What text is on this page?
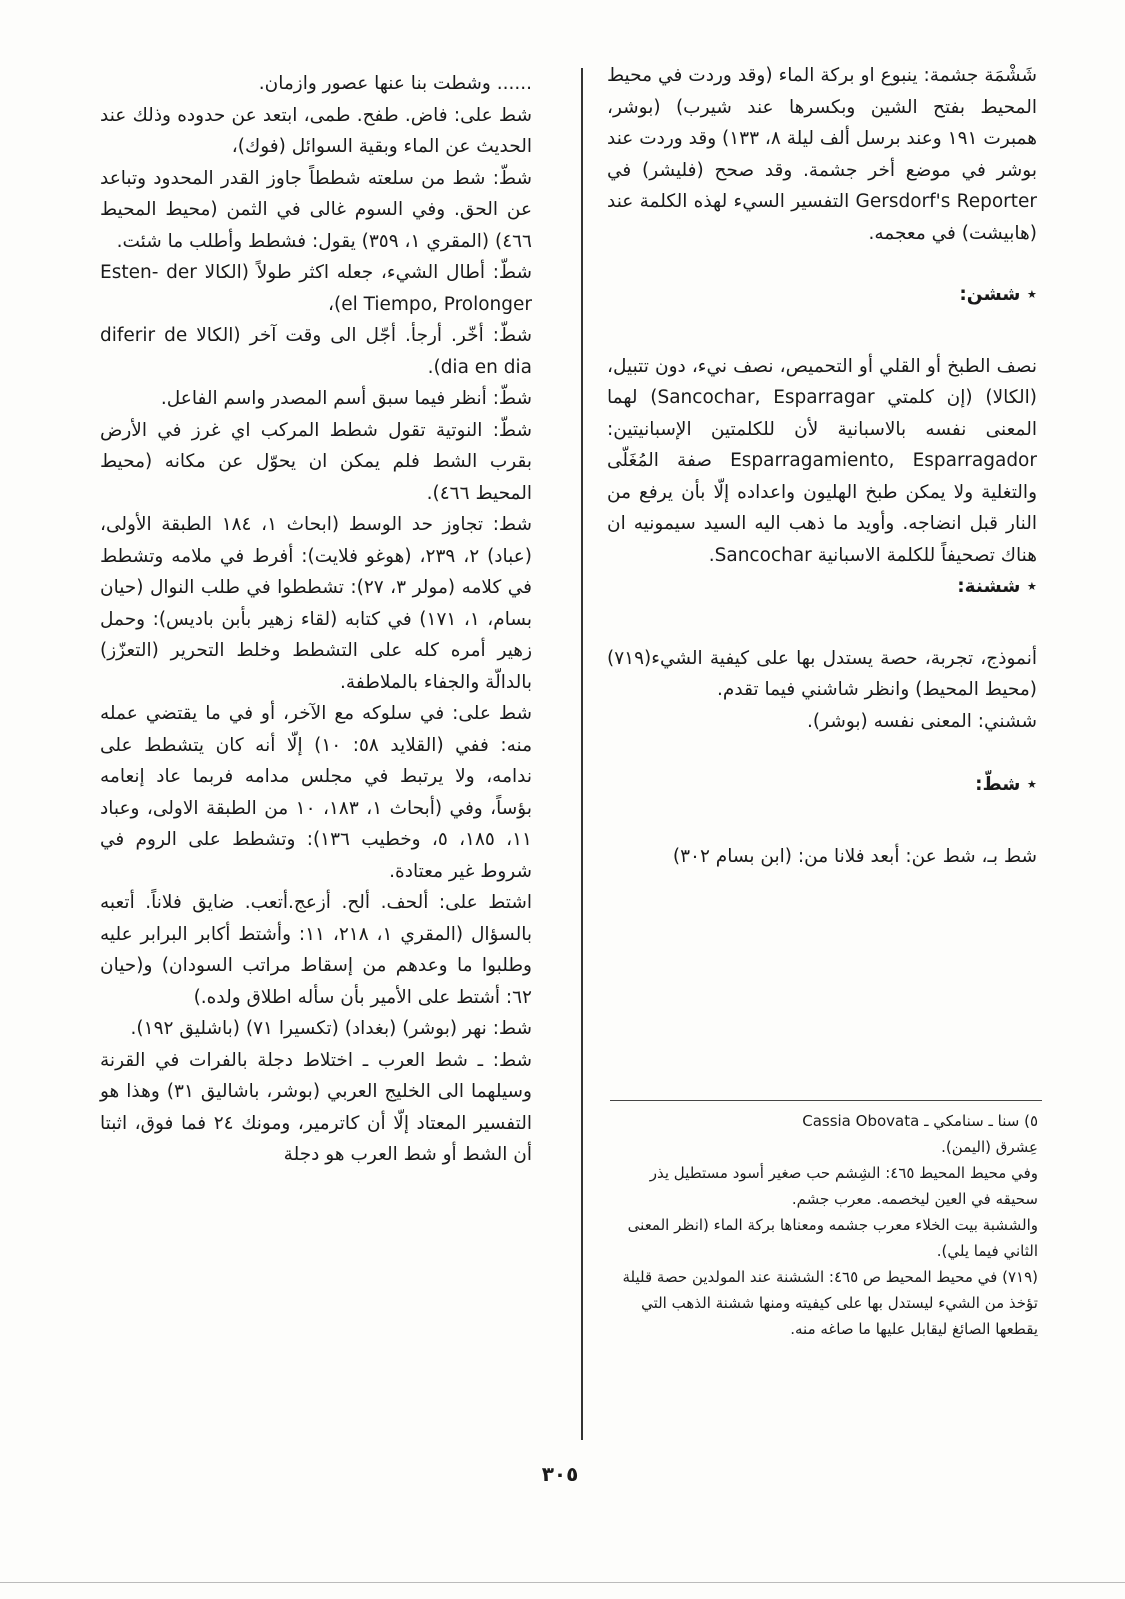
شَشْمَة جشمة: ينبوع او بركة الماء (وقد وردت في محيط المحيط بفتح الشين وبكسرها عند شيرب) (بوشر، همبرت ١٩١ وعند برسل ألف ليلة ٨، ١٣٣) وقد وردت عند بوشر في موضع أخر جشمة. وقد صحح (فليشر) في Gersdorf's Reporter التفسير السيء لهذه الكلمة عند (هابيشت) في معجمه.

٭ ششن:

نصف الطبخ أو القلي أو التحميص، نصف نيء، دون تتبيل، (الكالا) (إن كلمتي Sancochar, Esparragar) لهما المعنى نفسه بالاسبانية لأن للكلمتين الإسبانيتين: Esparragamiento, Esparragador صفة المُغَلّى والتغلية ولا يمكن طبخ الهليون واعداده إلّا بأن يرفع من النار قبل انضاجه. وأويد ما ذهب اليه السيد سيمونيه ان هناك تصحيفاً للكلمة الاسبانية Sancochar.

٭ ششنة:

أنموذج، تجربة، حصة يستدل بها على كيفية الشيء(٧١٩) (محيط المحيط) وانظر شاشني فيما تقدم.

ششني: المعنى نفسه (بوشر).

٭ شطّ:

شط بـ، شط عن: أبعد فلانا من: (ابن بسام ٣٠٢)

٥) سنا ـ سنامكي ـ Cassia Obovata

عِشرق (اليمن).

وفي محيط المحيط ٤٦٥: الشِشم حب صغير أسود مستطيل يذر سحيقه في العين ليخصمه. معرب جشم.

والششبة بيت الخلاء معرب جشمه ومعناها بركة الماء (انظر المعنى الثاني فيما يلي).

(٧١٩) في محيط المحيط ص ٤٦٥: الششنة عند المولدين حصة قليلة تؤخذ من الشيء ليستدل بها على كيفيته ومنها ششنة الذهب التي يقطعها الصائغ ليقابل عليها ما صاغه منه.

...... وشطت بنا عنها عصور وازمان.

شط على: فاض. طفح. طمى، ابتعد عن حدوده وذلك عند الحديث عن الماء وبقية السوائل (فوك)،

شطّ: شط من سلعته شططاً جاوز القدر المحدود وتباعد عن الحق. وفي السوم غالى في الثمن (محيط المحيط ٤٦٦) (المقري ١، ٣٥٩) يقول: فشطط وأطلب ما شئت.

شطّ: أطال الشيء، جعله اكثر طولاً (الكالا Esten- der el Tiempo, Prolonger)،

شطّ: أخّر. أرجأ. أجّل الى وقت آخر (الكالا diferir de dia en dia).

شطّ: أنظر فيما سبق أسم المصدر واسم الفاعل.

شطّ: النوتية تقول شطط المركب اي غرز في الأرض بقرب الشط فلم يمكن ان يحوّل عن مكانه (محيط المحيط ٤٦٦).

شط: تجاوز حد الوسط (ابحاث ١، ١٨٤ الطبقة الأولى، (عباد) ٢، ٢٣٩، (هوغو فلايت): أفرط في ملامه وتشطط في كلامه (مولر ٣، ٢٧): تشططوا في طلب النوال (حيان بسام، ١، ١٧١) في كتابه (لقاء زهير بأبن باديس): وحمل زهير أمره كله على التشطط وخلط التحرير (التعزّز) بالدالّة والجفاء بالملاطفة.

شط على: في سلوكه مع الآخر، أو في ما يقتضي عمله منه: ففي (القلايد ٥٨: ١٠) إلّا أنه كان يتشطط على ندامه، ولا يرتبط في مجلس مدامه فربما عاد إنعامه بؤساً، وفي (أبحاث ١، ١٨٣، ١٠ من الطبقة الاولى، وعباد ١١، ١٨٥، ٥، وخطيب ١٣٦): وتشطط على الروم في شروط غير معتادة.

اشتط على: ألحف. ألح. أزعج.أتعب. ضايق فلاناً. أتعبه بالسؤال (المقري ١، ٢١٨، ١١: وأشتط أكابر البرابر عليه وطلبوا ما وعدهم من إسقاط مراتب السودان) و(حيان ٦٢: أشتط على الأمير بأن سأله اطلاق ولده.)

شط: نهر (بوشر) (بغداد) (تكسيرا ٧١) (باشليق ١٩٢).

شط: ـ شط العرب ـ اختلاط دجلة بالفرات في القرنة وسيلهما الى الخليج العربي (بوشر، باشاليق ٣١) وهذا هو التفسير المعتاد إلّا أن كاترمير، ومونك ٢٤ فما فوق، اثبتا أن الشط أو شط العرب هو دجلة

٣٠٥
